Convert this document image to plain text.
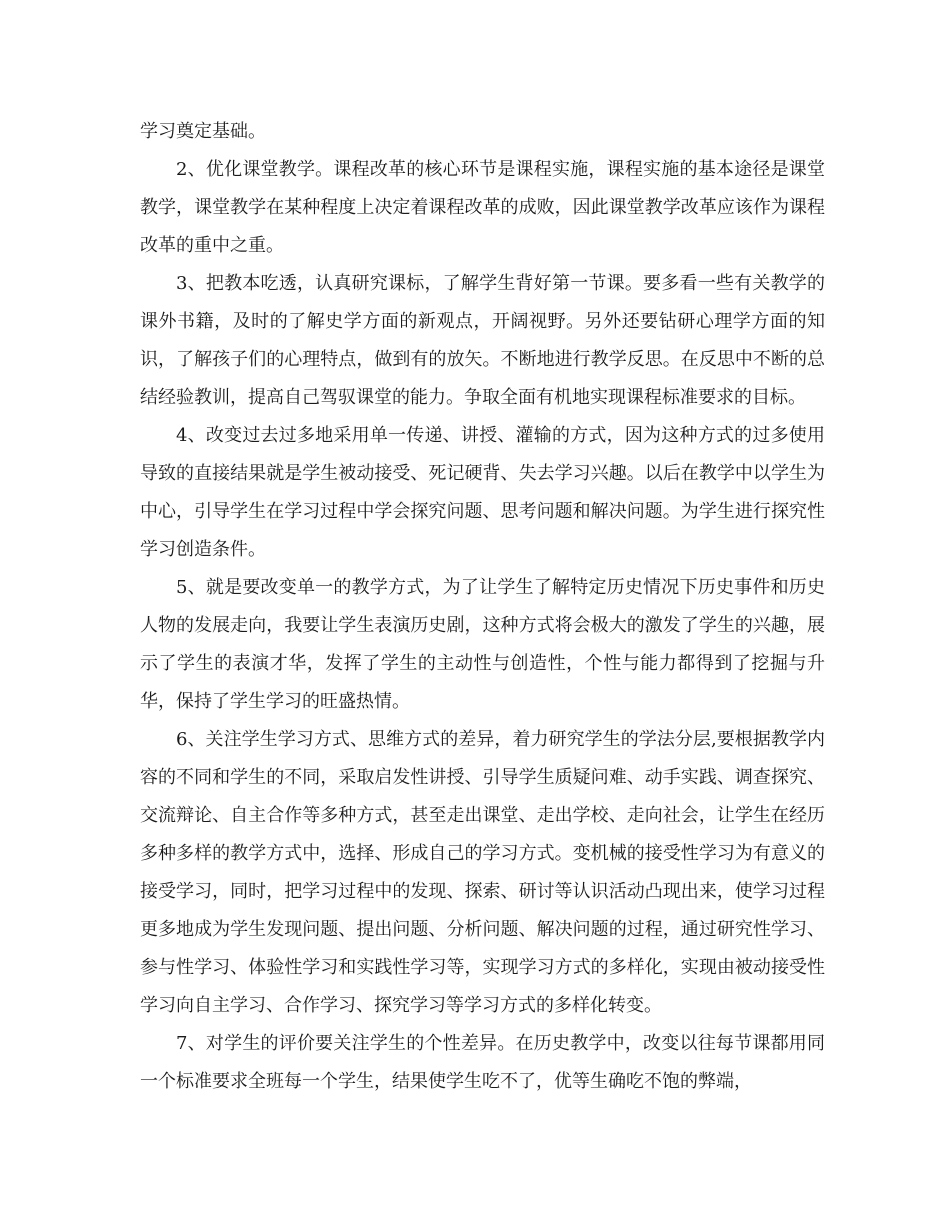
学习奠定基础。

2、优化课堂教学。课程改革的核心环节是课程实施，课程实施的基本途径是课堂教学，课堂教学在某种程度上决定着课程改革的成败，因此课堂教学改革应该作为课程改革的重中之重。

3、把教本吃透，认真研究课标，了解学生背好第一节课。要多看一些有关教学的课外书籍，及时的了解史学方面的新观点，开阔视野。另外还要钻研心理学方面的知识，了解孩子们的心理特点，做到有的放矢。不断地进行教学反思。在反思中不断的总结经验教训，提高自己驾驭课堂的能力。争取全面有机地实现课程标准要求的目标。

4、改变过去过多地采用单一传递、讲授、灌输的方式，因为这种方式的过多使用导致的直接结果就是学生被动接受、死记硬背、失去学习兴趣。以后在教学中以学生为中心，引导学生在学习过程中学会探究问题、思考问题和解决问题。为学生进行探究性学习创造条件。

5、就是要改变单一的教学方式，为了让学生了解特定历史情况下历史事件和历史人物的发展走向，我要让学生表演历史剧，这种方式将会极大的激发了学生的兴趣，展示了学生的表演才华，发挥了学生的主动性与创造性，个性与能力都得到了挖掘与升华，保持了学生学习的旺盛热情。

6、关注学生学习方式、思维方式的差异，着力研究学生的学法分层,要根据教学内容的不同和学生的不同，采取启发性讲授、引导学生质疑问难、动手实践、调查探究、交流辩论、自主合作等多种方式，甚至走出课堂、走出学校、走向社会，让学生在经历多种多样的教学方式中，选择、形成自己的学习方式。变机械的接受性学习为有意义的接受学习，同时，把学习过程中的发现、探索、研讨等认识活动凸现出来，使学习过程更多地成为学生发现问题、提出问题、分析问题、解决问题的过程，通过研究性学习、参与性学习、体验性学习和实践性学习等，实现学习方式的多样化，实现由被动接受性学习向自主学习、合作学习、探究学习等学习方式的多样化转变。

7、对学生的评价要关注学生的个性差异。在历史教学中，改变以往每节课都用同一个标准要求全班每一个学生，结果使学生吃不了，优等生确吃不饱的弊端，
